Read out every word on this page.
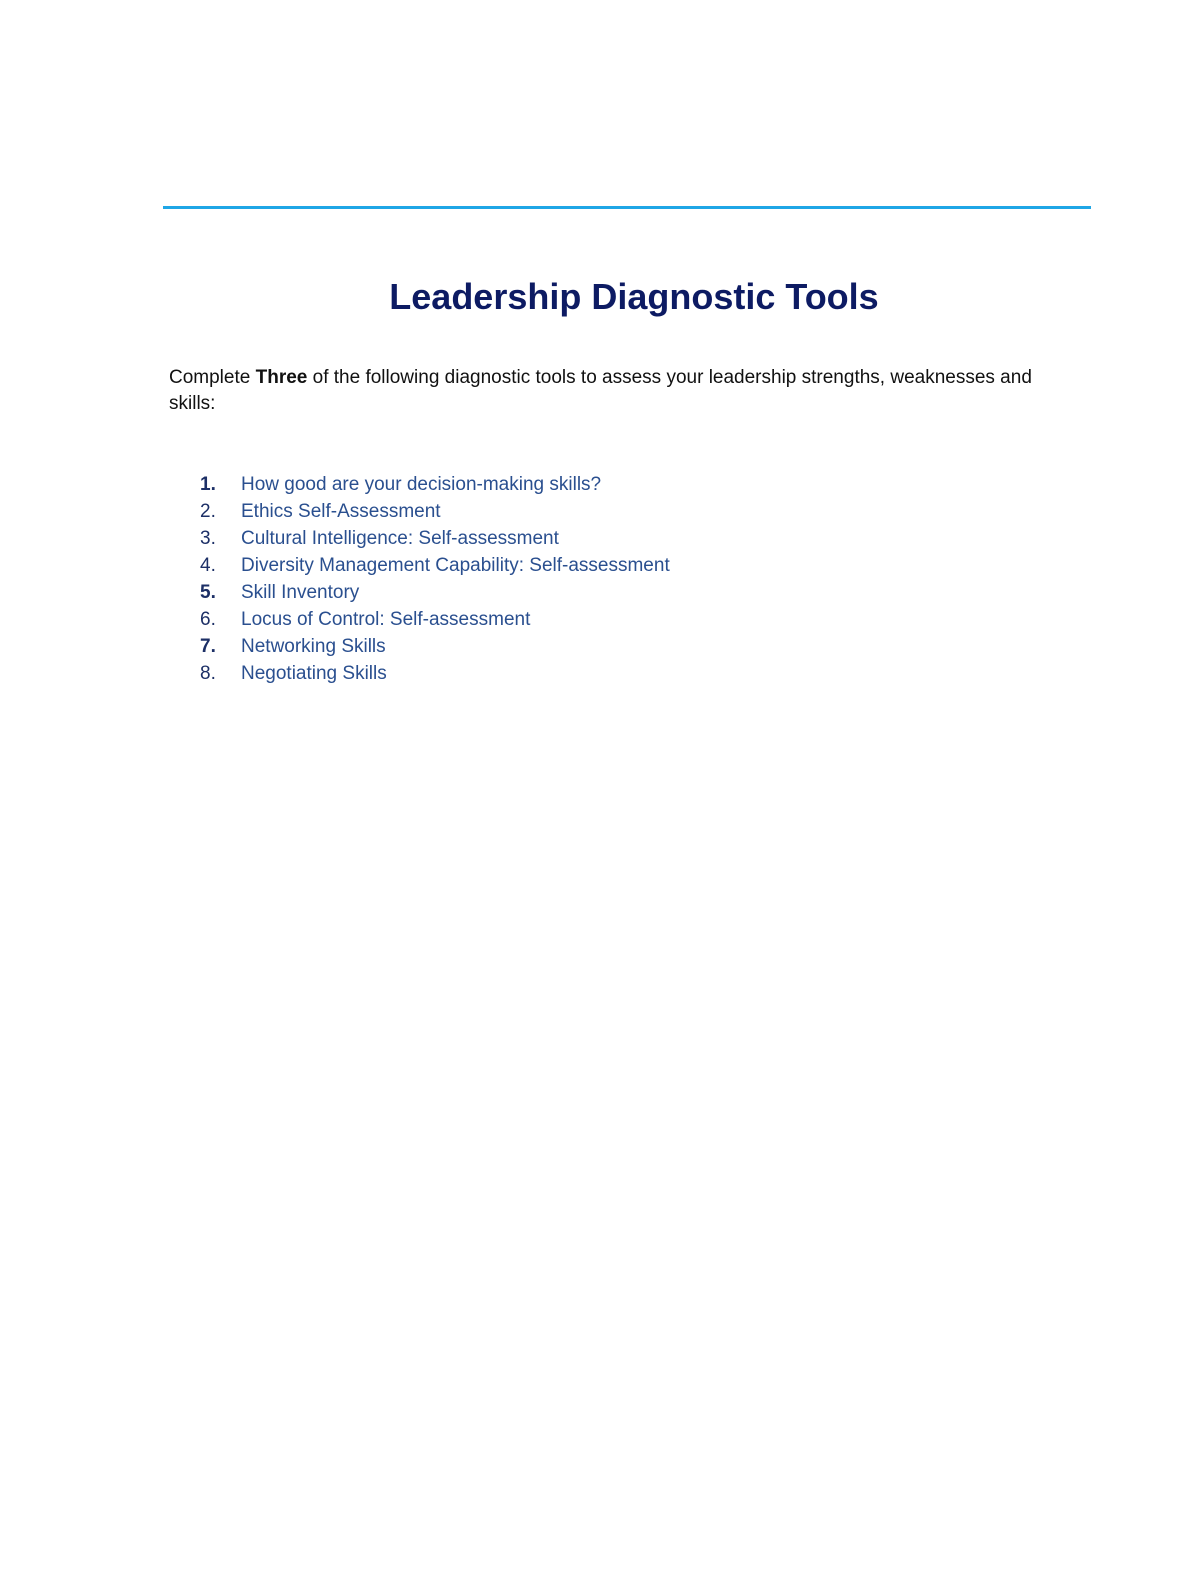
Leadership Diagnostic Tools

Complete Three of the following diagnostic tools to assess your leadership strengths, weaknesses and skills:

1. How good are your decision-making skills?
2. Ethics Self-Assessment
3. Cultural Intelligence: Self-assessment
4. Diversity Management Capability: Self-assessment
5. Skill Inventory
6. Locus of Control: Self-assessment
7. Networking Skills
8. Negotiating Skills
